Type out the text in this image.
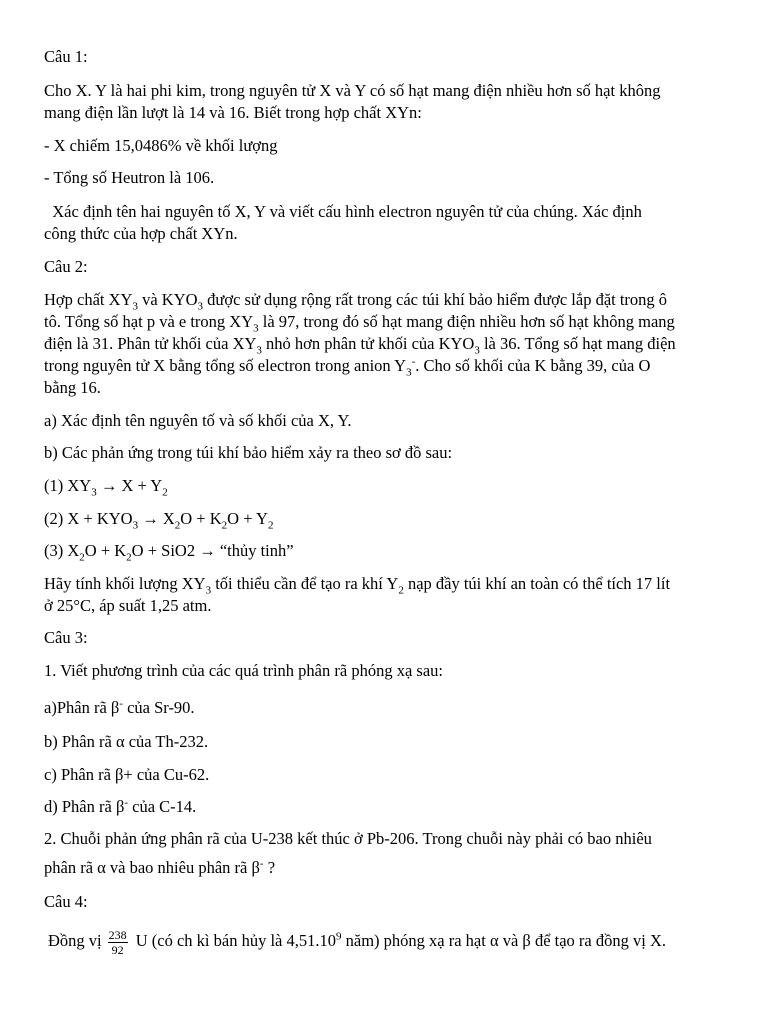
Câu 1:
Cho X. Y là hai phi kim, trong nguyên tử X và Y có số hạt mang điện nhiều hơn số hạt không
mang điện lần lượt là 14 và 16. Biết trong hợp chất XYn:
- X chiếm 15,0486% về khối lượng
- Tổng số Heutron là 106.
Xác định tên hai nguyên tố X, Y và viết cấu hình electron nguyên tử của chúng. Xác định
công thức của hợp chất XYn.
Câu 2:
Hợp chất $XY_3$ và $KYO_3$ được sử dụng rộng rất trong các túi khí bảo hiểm được lắp đặt trong ô
tô. Tổng số hạt p và e trong $XY_3$ là 97, trong đó số hạt mang điện nhiều hơn số hạt không mang
điện là 31. Phân tử khối của $XY_3$ nhỏ hơn phân tử khối của $KYO_3$ là 36. Tổng số hạt mang điện
trong nguyên tử X bằng tổng số electron trong anion $Y_3^-$. Cho số khối của K bằng 39, của O
bằng 16.
a) Xác định tên nguyên tố và số khối của X, Y.
b) Các phản ứng trong túi khí bảo hiểm xảy ra theo sơ đồ sau:
(1) $XY_3 \to X + Y_2$
(2) $X + KYO_3 \to X_2O + K_2O + Y_2$
(3) $X_2O + K_2O + SiO2$ → “thủy tinh”
Hãy tính khối lượng $XY_3$ tối thiểu cần để tạo ra khí $Y_2$ nạp đầy túi khí an toàn có thể tích 17 lít
ở 25°C, áp suất 1,25 atm.
Câu 3:
1. Viết phương trình của các quá trình phân rã phóng xạ sau:
a)Phân rã β- của Sr-90.
b) Phân rã α của Th-232.
c) Phân rã β+ của Cu-62.
d) Phân rã β- của C-14.
2. Chuỗi phản ứng phân rã của U-238 kết thúc ở Pb-206. Trong chuỗi này phải có bao nhiêu
phân rã α và bao nhiêu phân rã β- ?
Câu 4:
Đồng vị $\frac{238}{92}$ U (có ch kì bán hủy là 4,51.10$^9$ năm) phóng xạ ra hạt α và β để tạo ra đồng vị X.
